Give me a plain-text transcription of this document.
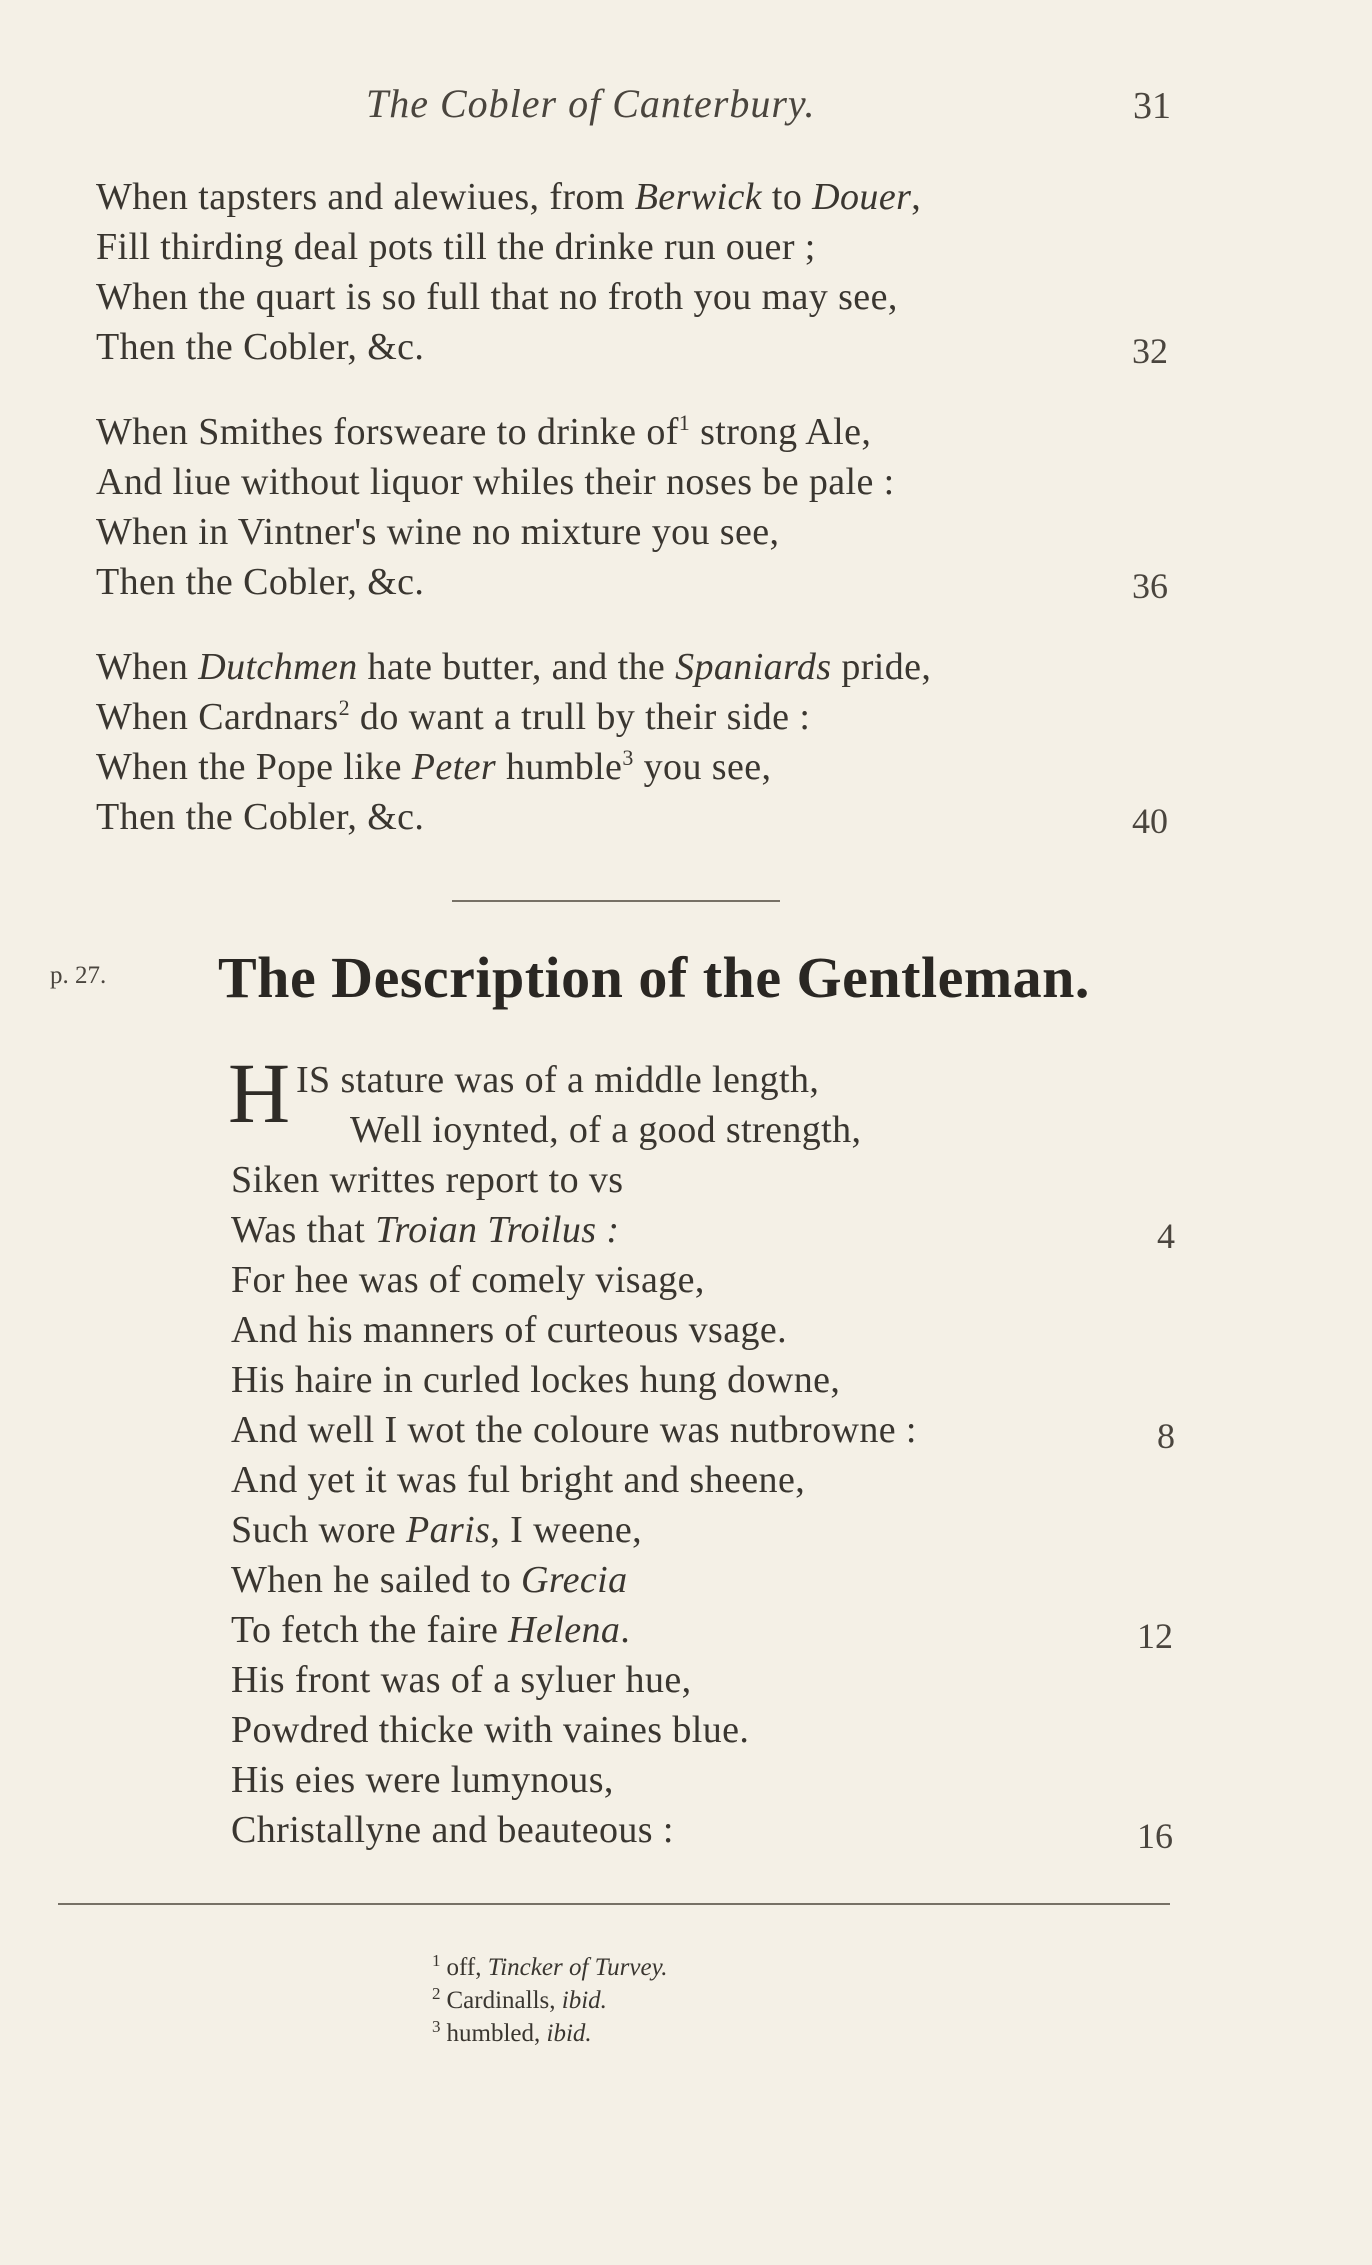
The Cobler of Canterbury.	31
When tapsters and alewiues, from Berwick to Douer,
Fill thirding deal pots till the drinke run ouer ;
When the quart is so full that no froth you may see,
Then the Cobler, &c.	32
When Smithes forsweare to drinke $of^1$ strong Ale,
And liue without liquor whiles their noses be pale :
When in Vintner's wine no mixture you see,
Then the Cobler, &c.	36
When Dutchmen hate butter, and the Spaniards pride,
When Cardnars$^2$ do want a trull by their side :
When the Pope like Peter humble$^3$ you see,
Then the Cobler, &c.	40
p. 27. The Description of the Gentleman.
H IS stature was of a middle length,
Well ioynted, of a good strength,
Siken writtes report to vs
Was that Troian Troilus :	4
For hee was of comely visage,
And his manners of curteous vsage.
His haire in curled lockes hung downe,
And well I wot the coloure was nutbrowne :	8
And yet it was ful bright and sheene,
Such wore Paris, I weene,
When he sailed to Grecia
To fetch the faire Helena.	12
His front was of a syluer hue,
Powdred thicke with vaines blue.
His eies were lumynous,
Christallyne and beauteous :	16
$^1$ off, Tincker of Turvey.
$^2$ Cardinalls, ibid.
$^3$ humbled, ibid.
